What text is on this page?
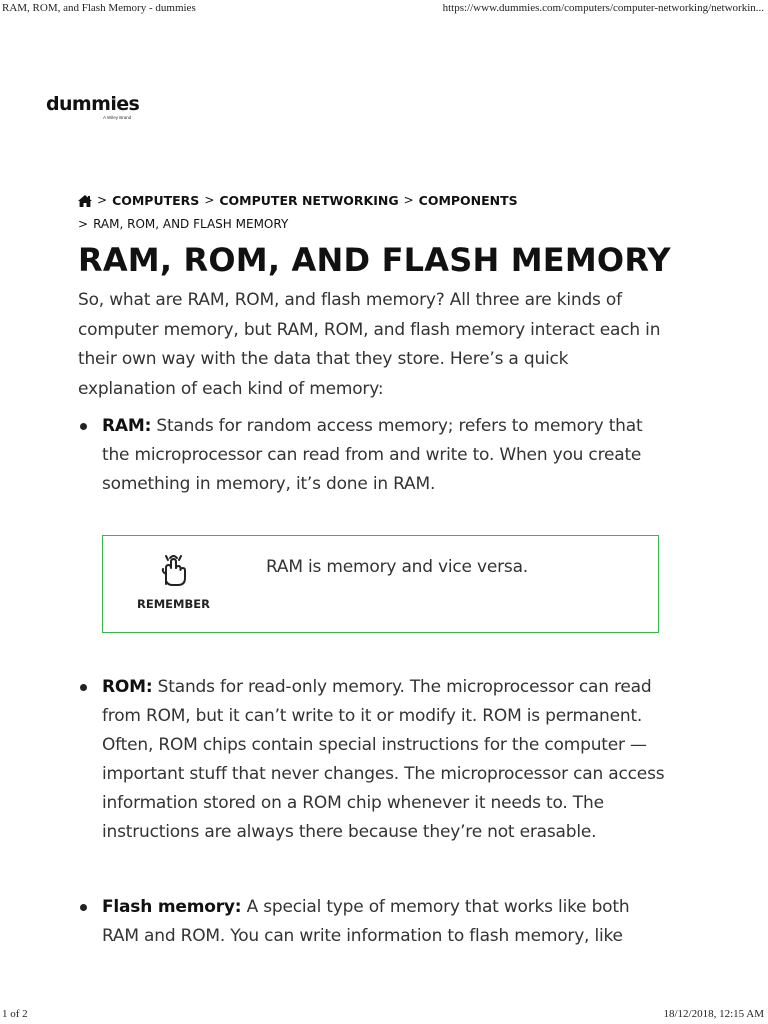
RAM, ROM, and Flash Memory - dummies	https://www.dummies.com/computers/computer-networking/networkin...
dummies
A Wiley Brand
> COMPUTERS > COMPUTER NETWORKING > COMPONENTS
> RAM, ROM, AND FLASH MEMORY
RAM, ROM, AND FLASH MEMORY

So, what are RAM, ROM, and flash memory? All three are kinds of computer memory, but RAM, ROM, and flash memory interact each in their own way with the data that they store. Here’s a quick explanation of each kind of memory:

RAM: Stands for random access memory; refers to memory that the microprocessor can read from and write to. When you create something in memory, it’s done in RAM.
REMEMBER
RAM is memory and vice versa.
ROM: Stands for read-only memory. The microprocessor can read from ROM, but it can’t write to it or modify it. ROM is permanent. Often, ROM chips contain special instructions for the computer — important stuff that never changes. The microprocessor can access information stored on a ROM chip whenever it needs to. The instructions are always there because they’re not erasable.
Flash memory: A special type of memory that works like both RAM and ROM. You can write information to flash memory, like
1 of 2	18/12/2018, 12:15 AM
